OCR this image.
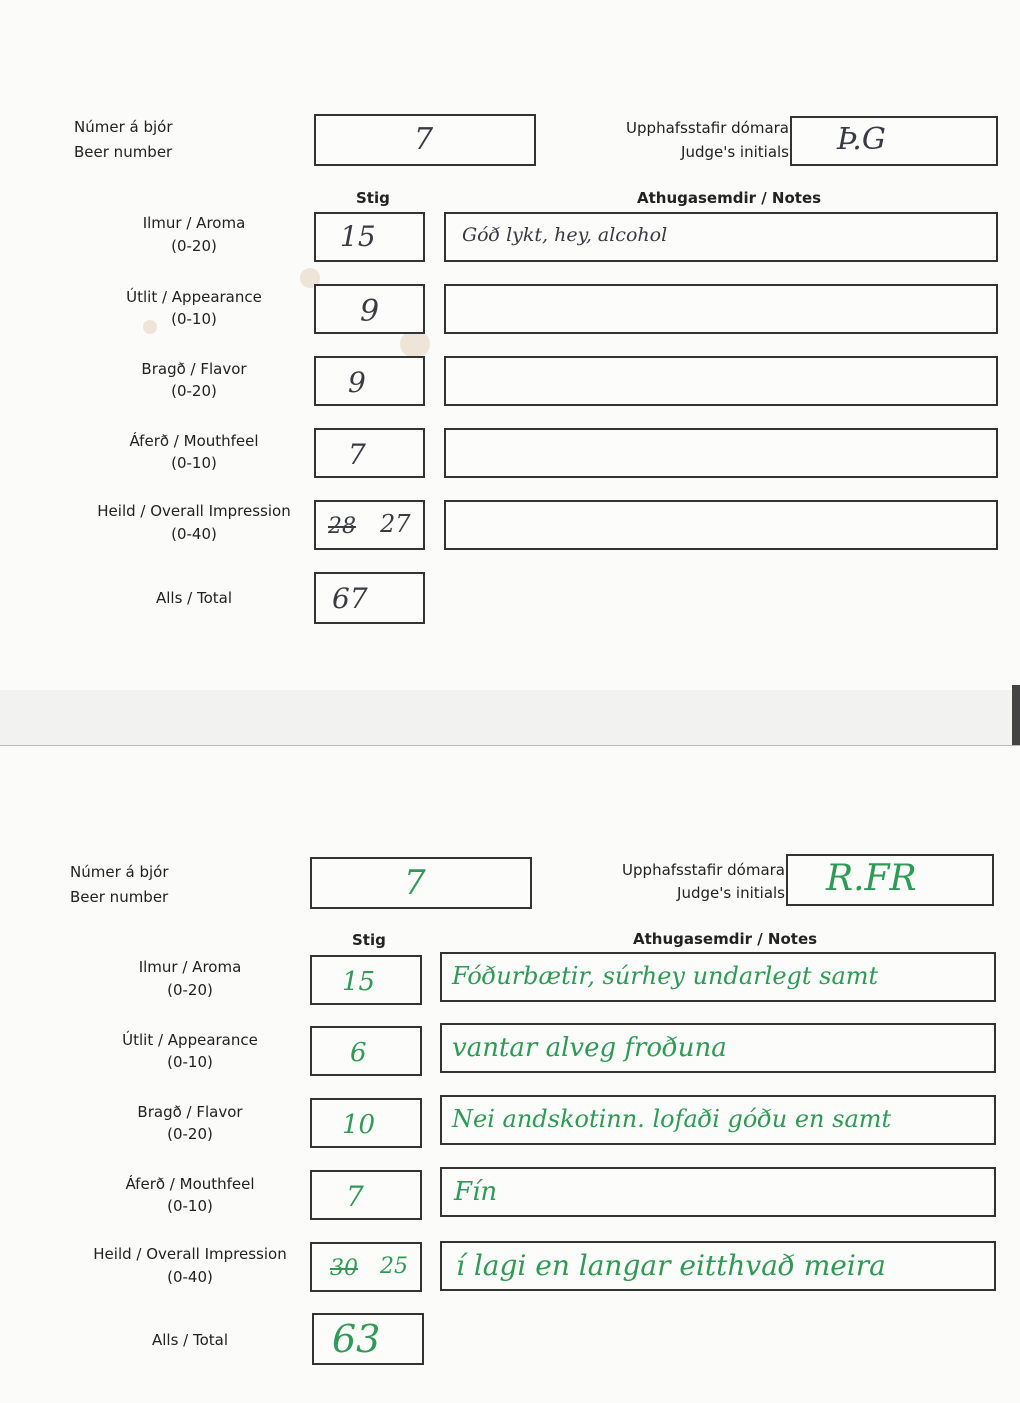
Númer á bjór
Beer number	7	Upphafsstafir dómara
Judge's initials Þ.G
Stig	Athugasemdir / Notes
Ilmur / Aroma
(0-20)	15	Góð lykt, hey, alcohol
Útlit / Appearance
(0-10)	9
Bragð / Flavor
(0-20)	9
Áferð / Mouthfeel
(0-10)	7
Heild / Overall Impression
(0-40)	28 27
Alls / Total	67
Númer á bjór
Beer number	7	Upphafsstafir dómara
Judge's initials R.FR
Stig	Athugasemdir / Notes
Ilmur / Aroma
(0-20)	15	Fóðurbætir, súrhey undarlegt samt
Útlit / Appearance
(0-10)	6	vantar alveg froðuna
Bragð / Flavor
(0-20)	10	Nei andskotinn. lofaði góðu en samt
Áferð / Mouthfeel
(0-10)	7	Fín
Heild / Overall Impression
(0-40)	30 25 í lagi en langar eitthvað meira
Alls / Total	63
